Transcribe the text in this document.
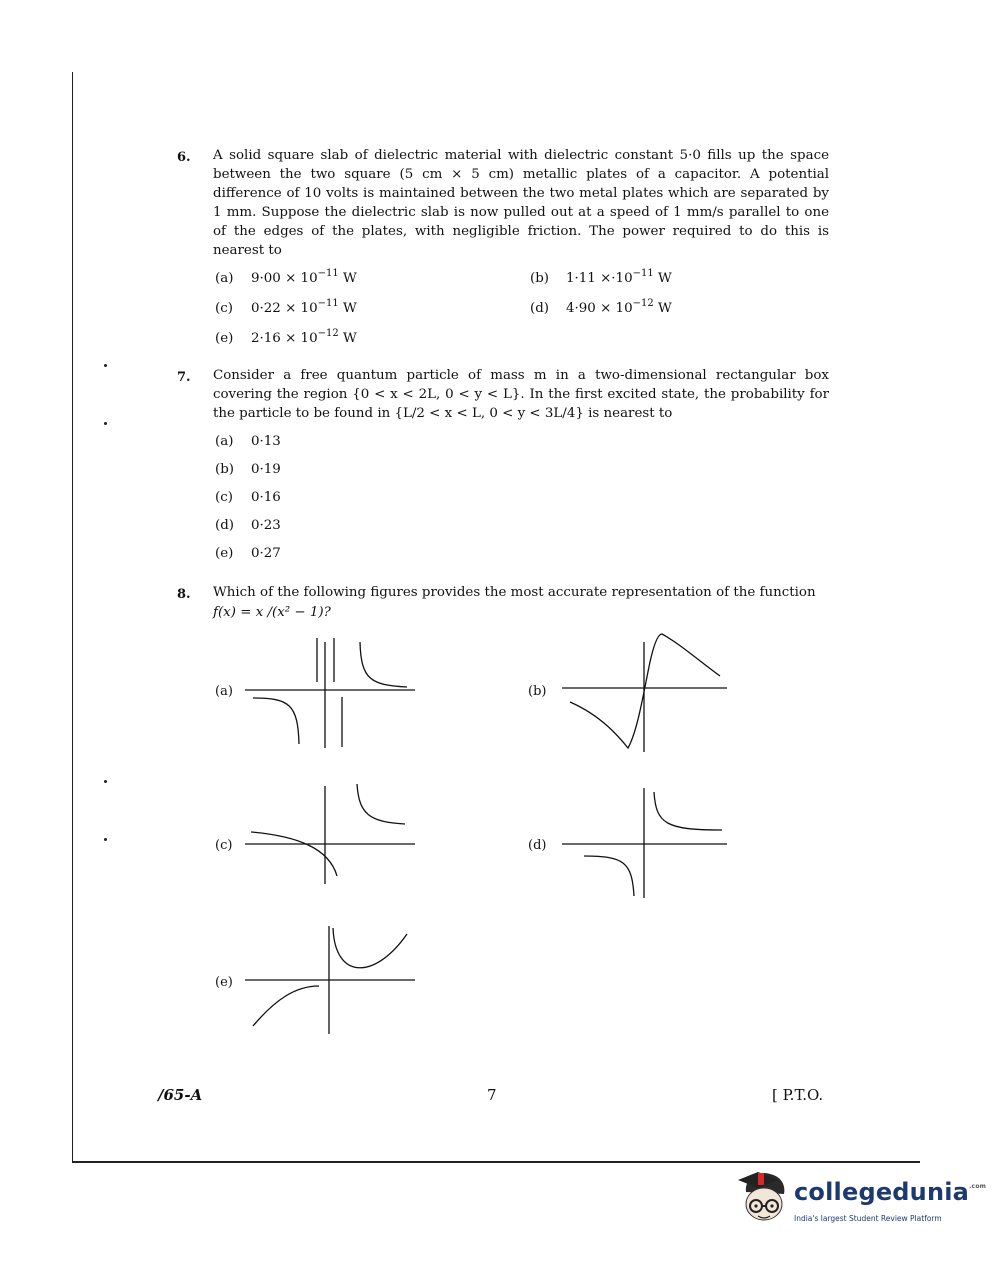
6. A solid square slab of dielectric material with dielectric constant 5·0 fills up the space between the two square (5 cm × 5 cm) metallic plates of a capacitor. A potential difference of 10 volts is maintained between the two metal plates which are separated by 1 mm. Suppose the dielectric slab is now pulled out at a speed of 1 mm/s parallel to one of the edges of the plates, with negligible friction. The power required to do this is nearest to
(a) $9\cdot 00 \times 10^{-11}$ W	(b) $1\cdot 11 \times\cdot 10^{-11}$ W
(c) $0\cdot 22 \times 10^{-11}$ W	(d) $4\cdot 90 \times 10^{-12}$ W
(e) $2\cdot 16 \times 10^{-12}$ W
7. Consider a free quantum particle of mass m in a two-dimensional rectangular box covering the region {0 < x < 2L, 0 < y < L}. In the first excited state, the probability for the particle to be found in {L/2 < x < L, 0 < y < 3L/4} is nearest to
(a) 0·13
(b) 0·19
(c) 0·16
(d) 0·23
(e) 0·27
8. Which of the following figures provides the most accurate representation of the function
f(x) = x /(x² − 1)?
(a)	(b)
(c)	(d)
(e)
/65-A	7	[ P.T.O.
collegedunia$^{.com}$
India's largest Student Review Platform
